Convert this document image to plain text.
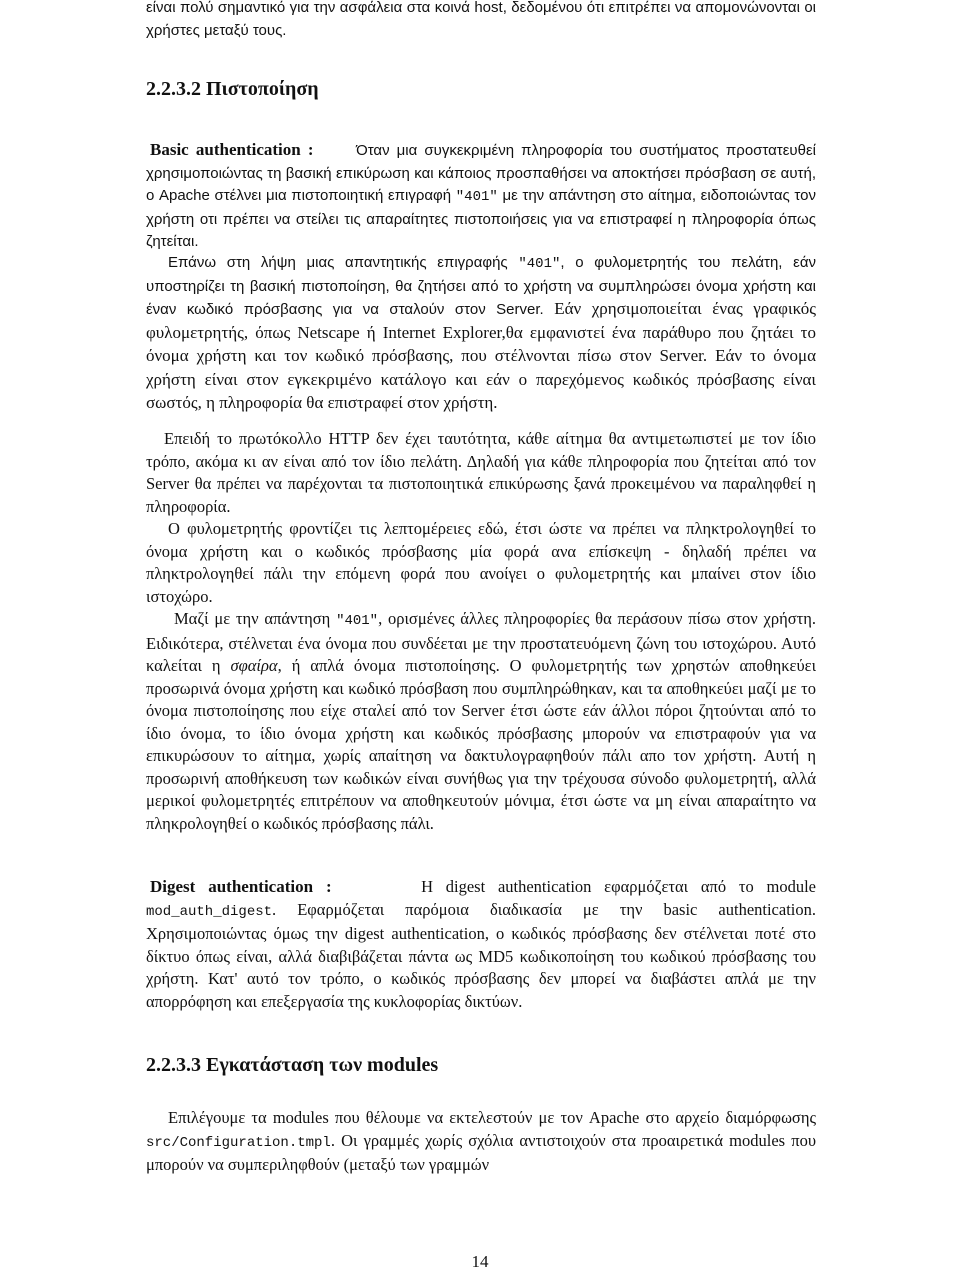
είναι πολύ σημαντικό για την ασφάλεια στα κοινά host, δεδομένου ότι επιτρέπει να απομονώνονται οι χρήστες μεταξύ τους.

2.2.3.2 Πιστοποίηση

Basic authentication :	Όταν μια συγκεκριμένη πληροφορία του συστήματος προστατευθεί χρησιμοποιώντας τη βασική επικύρωση και κάποιος προσπαθήσει να αποκτήσει πρόσβαση σε αυτή, ο Apache στέλνει μια πιστοποιητική επιγραφή "401" με την απάντηση στο αίτημα, ειδοποιώντας τον χρήστη οτι πρέπει να στείλει τις απαραίτητες πιστοποιήσεις για να επιστραφεί η πληροφορία όπως ζητείται.

Επάνω στη λήψη μιας απαντητικής επιγραφής "401", ο φυλομετρητής του πελάτη, εάν υποστηρίζει τη βασική πιστοποίηση, θα ζητήσει από το χρήστη να συμπληρώσει όνομα χρήστη και έναν κωδικό πρόσβασης για να σταλούν στον Server. Εάν χρησιμοποιείται ένας γραφικός φυλομετρητής, όπως Netscape ή Internet Explorer,θα εμφανιστεί ένα παράθυρο που ζητάει το όνομα χρήστη και τον κωδικό πρόσβασης, που στέλνονται πίσω στον Server. Εάν το όνομα χρήστη είναι στον εγκεκριμένο κατάλογο και εάν ο παρεχόμενος κωδικός πρόσβασης είναι σωστός, η πληροφορία θα επιστραφεί στον χρήστη.

Επειδή το πρωτόκολλο HTTP δεν έχει ταυτότητα, κάθε αίτημα θα αντιμετωπιστεί με τον ίδιο τρόπο, ακόμα κι αν είναι από τον ίδιο πελάτη. Δηλαδή για κάθε πληροφορία που ζητείται από τον Server θα πρέπει να παρέχονται τα πιστοποιητικά επικύρωσης ξανά προκειμένου να παραληφθεί η πληροφορία.

Ο φυλομετρητής φροντίζει τις λεπτομέρειες εδώ, έτσι ώστε να πρέπει να πληκτρολογηθεί το όνομα χρήστη και ο κωδικός πρόσβασης μία φορά ανα επίσκεψη - δηλαδή πρέπει να πληκτρολογηθεί πάλι την επόμενη φορά που ανοίγει ο φυλομετρητής και μπαίνει στον ίδιο ιστοχώρο.

Μαζί με την απάντηση "401", ορισμένες άλλες πληροφορίες θα περάσουν πίσω στον χρήστη. Ειδικότερα, στέλνεται ένα όνομα που συνδέεται με την προστατευόμενη ζώνη του ιστοχώρου. Αυτό καλείται η σφαίρα, ή απλά όνομα πιστοποίησης. Ο φυλομετρητής των χρηστών αποθηκεύει προσωρινά όνομα χρήστη και κωδικό πρόσβαση που συμπληρώθηκαν, και τα αποθηκεύει μαζί με το όνομα πιστοποίησης που είχε σταλεί από τον Server έτσι ώστε εάν άλλοι πόροι ζητούνται από το ίδιο όνομα, το ίδιο όνομα χρήστη και κωδικός πρόσβασης μπορούν να επιστραφούν για να επικυρώσουν το αίτημα, χωρίς απαίτηση να δακτυλογραφηθούν πάλι απο τον χρήστη. Αυτή η προσωρινή αποθήκευση των κωδικών είναι συνήθως για την τρέχουσα σύνοδο φυλομετρητή, αλλά μερικοί φυλομετρητές επιτρέπουν να αποθηκευτούν μόνιμα, έτσι ώστε να μη είναι απαραίτητο να πληκρολογηθεί ο κωδικός πρόσβασης πάλι.

Digest authentication :	Η digest authentication εφαρμόζεται από το module mod_auth_digest. Εφαρμόζεται παρόμοια διαδικασία με την basic authentication. Χρησιμοποιώντας όμως την digest authentication, ο κωδικός πρόσβασης δεν στέλνεται ποτέ στο δίκτυο όπως είναι, αλλά διαβιβάζεται πάντα ως MD5 κωδικοποίηση του κωδικού πρόσβασης του χρήστη. Κατ' αυτό τον τρόπο, ο κωδικός πρόσβασης δεν μπορεί να διαβάστει απλά με την απορρόφηση και επεξεργασία της κυκλοφορίας δικτύων.

2.2.3.3 Εγκατάσταση των modules

Επιλέγουμε τα modules που θέλουμε να εκτελεστούν με τον Apache στο αρχείο διαμόρφωσης src/Configuration.tmpl. Οι γραμμές χωρίς σχόλια αντιστοιχούν στα προαιρετικά modules που μπορούν να συμπεριληφθούν (μεταξύ των γραμμών

14
